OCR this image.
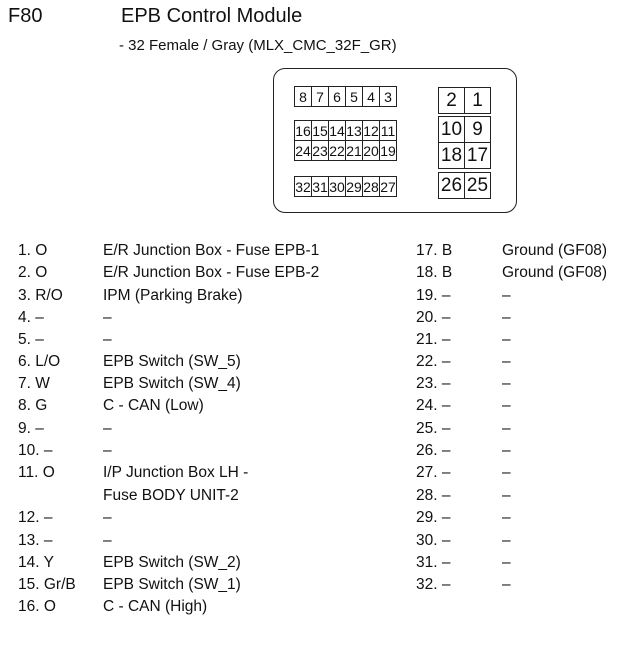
F80	EPB Control Module
- 32 Female / Gray (MLX_CMC_32F_GR)
8 7 6 5 4 3	2 1
16 15 14 13 12 11 10 9
24 23 22 21 20 19 18 17
32 31 30 29 28 27 26 25
1. O	E/R Junction Box - Fuse EPB-1
2. O	E/R Junction Box - Fuse EPB-2
3. R/O	IPM (Parking Brake)
4. –	–
5. –	–
6. L/O	EPB Switch (SW_5)
7. W	EPB Switch (SW_4)
8. G	C - CAN (Low)
9. –	–
10. –	–
11. O	I/P Junction Box LH -
Fuse BODY UNIT-2
12. –	–
13. –	–
14. Y	EPB Switch (SW_2)
15. Gr/B EPB Switch (SW_1)
16. O	C - CAN (High)
17. B	Ground (GF08)
18. B	Ground (GF08)
19. –	–
20. –	–
21. –	–
22. –	–
23. –	–
24. –	–
25. –	–
26. –	–
27. –	–
28. –	–
29. –	–
30. –	–
31. –	–
32. –	–
